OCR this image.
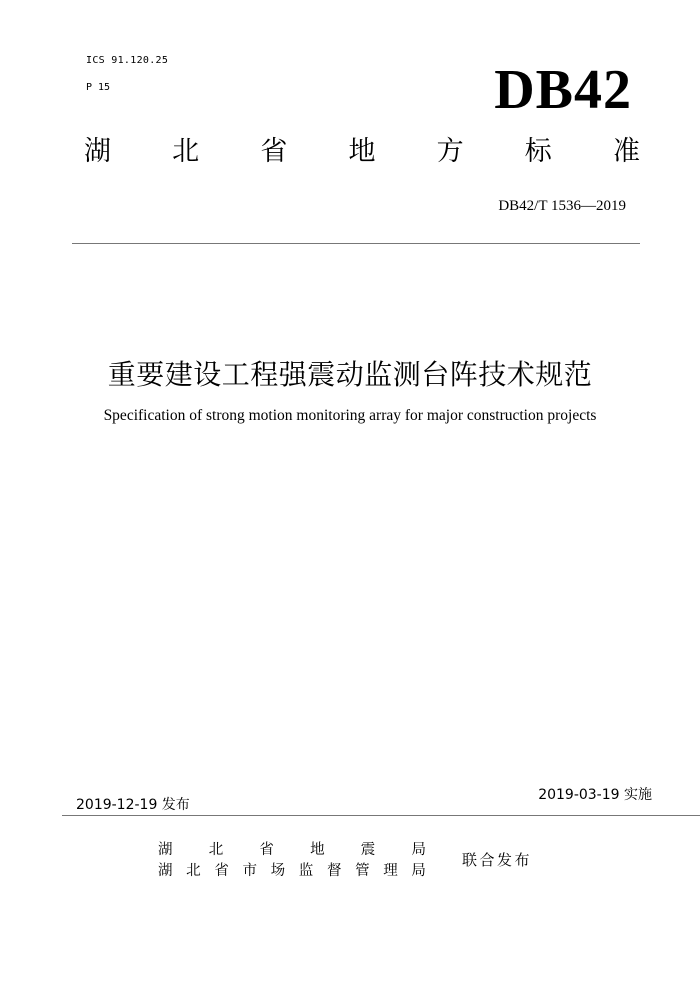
ICS 91.120.25
P 15	DB42
湖 北 省 地 方 标 准
DB42/T 1536—2019
重要建设工程强震动监测台阵技术规范
Specification of strong motion monitoring array for major construction projects
2019-12-19 发布
2019-03-19 实施
湖 北 省 地 震 局
湖 北 省 市 场 监 督 管 理 局
联合发布
